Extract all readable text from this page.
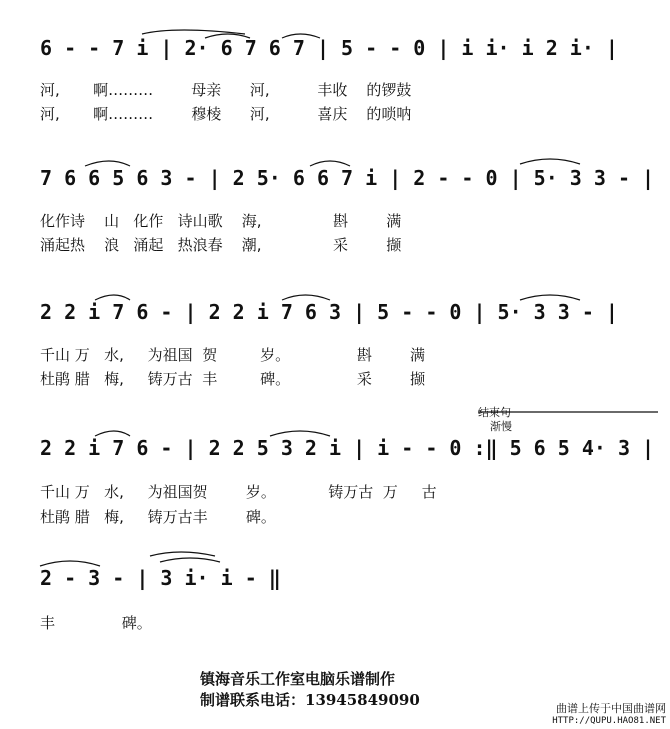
6 - - 7 i | 2· 6 7 6 7 | 5 - - 0 | i i· i 2 i· |
河,       啊………        母亲      河,          丰收    的锣鼓
河,       啊………        穆棱      河,          喜庆    的唢呐
7 6 6 5 6 3 - | 2 5· 6 6 7 i | 2 - - 0 | 5· 3 3 - |
化作诗    山   化作   诗山歌    海,               斟        满
涌起热    浪   涌起   热浪春    潮,               采        撷
2 2 i 7 6 - | 2 2 i 7 6 3 | 5 - - 0 | 5· 3 3 - |
千山 万   水,     为祖国  贺         岁。              斟        满
杜鹃 腊   梅,     铸万古  丰         碑。              采        撷
结束句
渐慢
2 2 i 7 6 - | 2 2 5 3 2 i | i - - 0 :‖ 5 6 5 4· 3 |
千山 万   水,     为祖国贺        岁。           铸万古  万     古
杜鹃 腊   梅,     铸万古丰        碑。
2 - 3 - | 3 i· i - ‖
丰              碑。
镇海音乐工作室电脑乐谱制作
制谱联系电话：13945849090	曲谱上传于中国曲谱网
HTTP://QUPU.HAO81.NET
